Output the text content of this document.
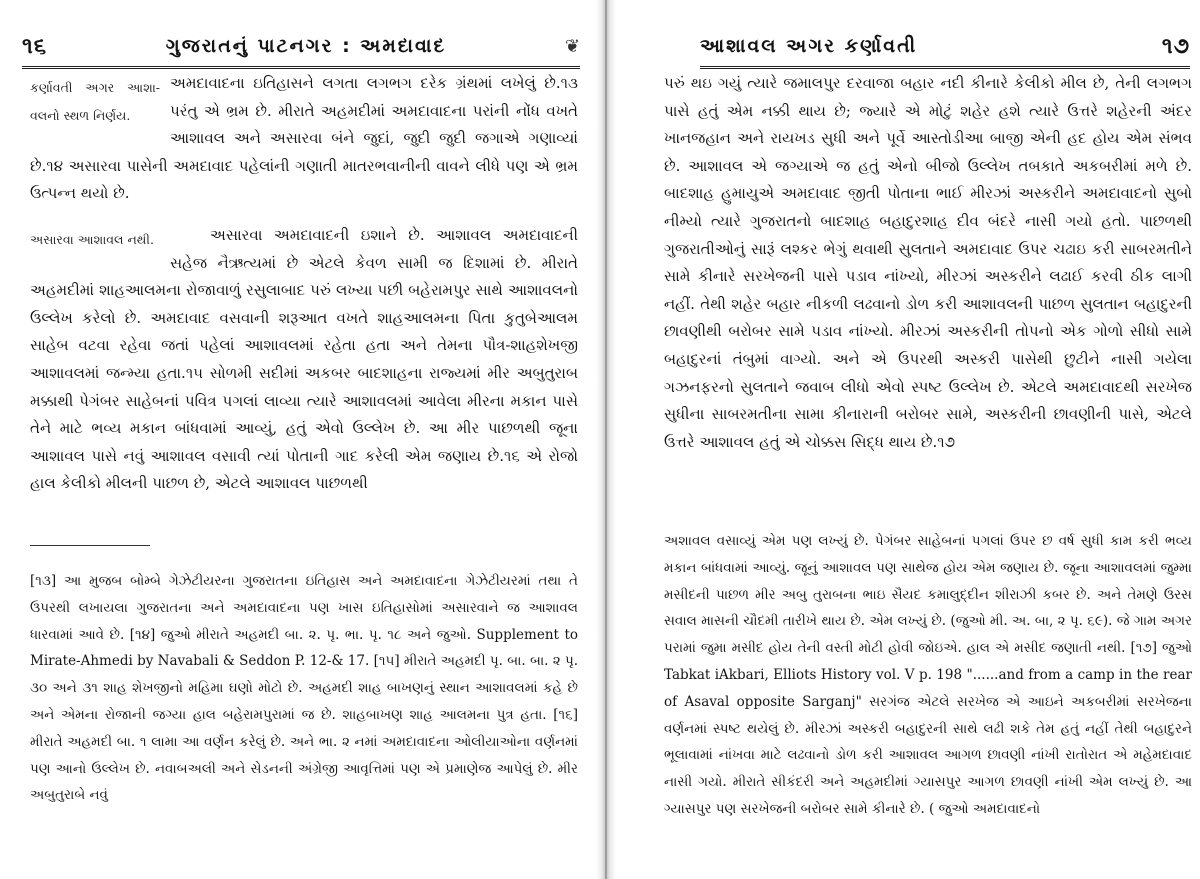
૧૬	ગુજરાતનું પાટનગર : અમદાવાદ	❦

કર્ણાવતી અગર આશા- વલનો સ્થળ નિર્ણય.
અમદાવાદના ઇતિહાસને લગતા લગભગ દરેક ગ્રંથમાં લખેલું છે.૧૩ પરંતુ એ ભ્રમ છે. મીરાતે અહમદીમાં અમદાવાદના પરાંની નોંધ વખતે આશાવલ અને અસારવા બંને જુદાં, જુદી જુદી જગાએ ગણાવ્યાં છે.૧૪ અસારવા પાસેની અમદાવાદ પહેલાંની ગણાતી માતરભવાનીની વાવને લીધે પણ એ ભ્રમ ઉત્પન્ન થયો છે.

અસારવા આશાવલ નથી.	અસારવા અમદાવાદની ઇશાને છે. આશાવલ અમદાવાદની સહેજ નૈઋત્યમાં છે એટલે કેવળ સામી જ દિશામાં છે. મીરાતે અહમદીમાં શાહઆલમના રોજાવાળું રસુલાબાદ પરું લખ્યા પછી બહેરામપુર સાથે આશાવલનો ઉલ્લેખ કરેલો છે. અમદાવાદ વસવાની શરૂઆત વખતે શાહઆલમના પિતા કુતુબેઆલમ સાહેબ વટવા રહેવા જતાં પહેલાં આશાવલમાં રહેતા હતા અને તેમના પૌત્ર-શાહશેખજી આશાવલમાં જન્મ્યા હતા.૧૫ સોળમી સદીમાં અકબર બાદશાહના રાજ્યમાં મીર અબુતુરાબ મક્કાથી પેગંબર સાહેબનાં પવિત્ર પગલાં લાવ્યા ત્યારે આશાવલમાં આવેલા મીરના મકાન પાસે તેને માટે ભવ્ય મકાન બાંધવામાં આવ્યું, હતું એવો ઉલ્લેખ છે. આ મીર પાછળથી જૂના આશાવલ પાસે નવું આશાવલ વસાવી ત્યાં પોતાની ગાદ કરેલી એમ જણાય છે.૧૬ એ રોજો હાલ કેલીકો મીલની પાછળ છે, એટલે આશાવલ પાછળથી

[૧૩] આ મુજબ બોમ્બે ગેઝેટીયરના ગુજરાતના ઇતિહાસ અને અમદાવાદના ગેઝેટીયરમાં તથા તે ઉપરથી લખાયલા ગુજરાતના અને અમદાવાદના પણ ખાસ ઇતિહાસોમાં અસારવાને જ આશાવલ ધારવામાં આવે છે. [૧૪] જુઓ મીરાતે અહમદી બા. ૨. પૃ. ભા. પૃ. ૧૮ અને જુઓ. Supplement to Mirate-Ahmedi by Navabali & Seddon P. 12-& 17. [૧૫] મીરાતે અહમદી પૃ. બા. બા. ૨ પૃ. ૩૦ અને ૩૧ શાહ શેખજીનો મહિમા ઘણો મોટો છે. અહમદી શાહ બાખણનું સ્થાન આશાવલમાં કહે છે અને એમના રોજાની જગ્યા હાલ બહેરામપુરામાં જ છે. શાહબાખણ શાહ આલમના પુત્ર હતા. [૧૬] મીરાતે અહમદી બા. ૧ લામા આ વર્ણન કરેલું છે. અને ભા. ૨ નમાં અમદાવાદના ઓલીયાઓના વર્ણનમાં પણ આનો ઉલ્લેખ છે. નવાબઅલી અને સેડનની અંગ્રેજી આવૃત્તિમાં પણ એ પ્રમાણેજ આપેલું છે. મીર અબુતુરાબે નવું

આશાવલ અગર કર્ણાવતી	૧૭

પરું થઇ ગયું ત્યારે જમાલપુર દરવાજા બહાર નદી કીનારે કેલીકો મીલ છે, તેની લગભગ પાસે હતું એમ નક્કી થાય છે; જ્યારે એ મોટું શહેર હશે ત્યારે ઉત્તરે શહેરની અંદર ખાનજહાન અને રાયખડ સુધી અને પૂર્વે આસ્તોડીઆ બાજી એની હદ હોય એમ સંભવ છે. આશાવલ એ જગ્યાએ જ હતું એનો બીજો ઉલ્લેખ તબકાતે અકબરીમાં મળે છે. બાદશાહ હુમાયુએ અમદાવાદ જીતી પોતાના ભાઈ મીરઝાં અસ્કરીને અમદાવાદનો સુબો નીમ્યો ત્યારે ગુજરાતનો બાદશાહ બહાદુરશાહ દીવ બંદરે નાસી ગયો હતો. પાછળથી ગુજરાતીઓનું સારૂં લશ્કર ભેગું થવાથી સુલતાને અમદાવાદ ઉપર ચઢાઇ કરી સાબરમતીને સામે કીનારે સરખેજની પાસે પડાવ નાંખ્યો, મીરઝાં અસ્કરીને લઢાઈ કરવી ઠીક લાગી નહીં. તેથી શહેર બહાર નીકળી લઢવાનો ડોળ કરી આશાવલની પાછળ સુલતાન બહાદુરની છાવણીથી બરોબર સામે પડાવ નાંખ્યો. મીરઝાં અસ્કરીની તોપનો એક ગોળો સીધો સામે બહાદુરનાં તંબુમાં વાગ્યો. અને એ ઉપરથી અસ્કરી પાસેથી છુટીને નાસી ગયેલા ગઝનફરનો સુલતાને જવાબ લીધો એવો સ્પષ્ટ ઉલ્લેખ છે. એટલે અમદાવાદથી સરખેજ સુધીના સાબરમતીના સામા કીનારાની બરોબર સામે, અસ્કરીની છાવણીની પાસે, એટલે ઉત્તરે આશાવલ હતું એ ચોક્કસ સિદ્ધ થાય છે.૧૭

અશાવલ વસાવ્યું એમ પણ લખ્યું છે. પેગંબર સાહેબનાં પગલાં ઉપર છ વર્ષ સુધી કામ કરી ભવ્ય મકાન બાંધવામાં આવ્યું. જૂનું આશાવલ પણ સાથેજ હોય એમ જણાય છે. જૂના આશાવલમાં જુમ્મા મસીદની પાછળ મીર અબુ તુરાબના ભાઇ સૈયદ કમાલુદ્દીન શીરાઝી કબર છે. અને તેમણે ઉરસ સવાલ માસની ચૌદમી તારીખે થાય છે. એમ લખ્યું છે. (જુઓ મી. અ. બા, ૨ પૃ. ૬૯). જે ગામ અગર પરામાં જુમા મસીદ હોય તેની વસ્તી મોટી હોવી જોઇએ. હાલ એ મસીદ જણાતી નથી. [૧૭] જુઓ Tabkat iAkbari, Elliots History vol. V p. 198 "......and from a camp in the rear of Asaval opposite Sarganj" સરગંજ એટલે સરખેજ એ આઇને અકબરીમાં સરખેજના વર્ણનમાં સ્પષ્ટ થયેલું છે. મીરઝાં અસ્કરી બહાદુરની સાથે લઢી શકે તેમ હતું નહીં તેથી બહાદુરને ભૂલાવામાં નાંખવા માટે લઢવાનો ડોળ કરી આશાવલ આગળ છાવણી નાંખી રાતોરાત એ મહેમદાવાદ નાસી ગયો. મીરાતે સીકંદરી અને અહમદીમાં ગ્યાસપુર આગળ છાવણી નાંખી એમ લખ્યું છે. આ ગ્યાસપુર પણ સરખેજની બરોબર સામે કીનારે છે. ( જુઓ અમદાવાદનો
